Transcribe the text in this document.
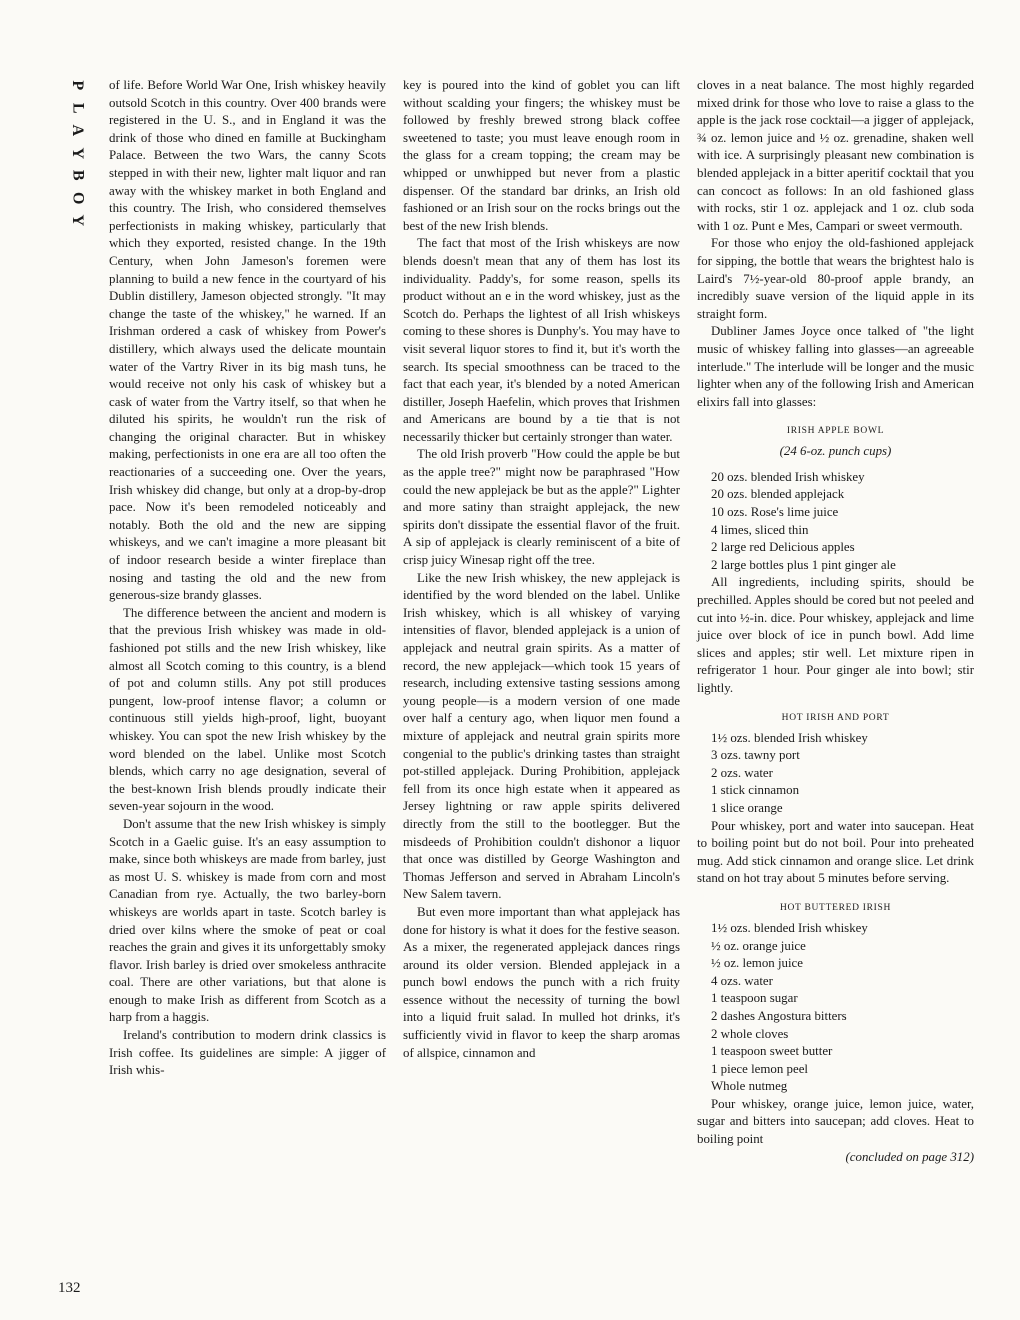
P
L
A
Y
B
O
Y
132

of life. Before World War One, Irish whiskey heavily outsold Scotch in this country. Over 400 brands were registered in the U. S., and in England it was the drink of those who dined en famille at Buckingham Palace. Between the two Wars, the canny Scots stepped in with their new, lighter malt liquor and ran away with the whiskey market in both England and this country. The Irish, who considered themselves perfectionists in making whiskey, particularly that which they exported, resisted change. In the 19th Century, when John Jameson's foremen were planning to build a new fence in the courtyard of his Dublin distillery, Jameson objected strongly. "It may change the taste of the whiskey," he warned. If an Irishman ordered a cask of whiskey from Power's distillery, which always used the delicate mountain water of the Vartry River in its big mash tuns, he would receive not only his cask of whiskey but a cask of water from the Vartry itself, so that when he diluted his spirits, he wouldn't run the risk of changing the original character. But in whiskey making, perfectionists in one era are all too often the reactionaries of a succeeding one. Over the years, Irish whiskey did change, but only at a drop-by-drop pace. Now it's been remodeled noticeably and notably. Both the old and the new are sipping whiskeys, and we can't imagine a more pleasant bit of indoor research beside a winter fireplace than nosing and tasting the old and the new from generous-size brandy glasses.

The difference between the ancient and modern is that the previous Irish whiskey was made in old-fashioned pot stills and the new Irish whiskey, like almost all Scotch coming to this country, is a blend of pot and column stills. Any pot still produces pungent, low-proof intense flavor; a column or continuous still yields high-proof, light, buoyant whiskey. You can spot the new Irish whiskey by the word blended on the label. Unlike most Scotch blends, which carry no age designation, several of the best-known Irish blends proudly indicate their seven-year sojourn in the wood.

Don't assume that the new Irish whiskey is simply Scotch in a Gaelic guise. It's an easy assumption to make, since both whiskeys are made from barley, just as most U. S. whiskey is made from corn and most Canadian from rye. Actually, the two barley-born whiskeys are worlds apart in taste. Scotch barley is dried over kilns where the smoke of peat or coal reaches the grain and gives it its unforgettably smoky flavor. Irish barley is dried over smokeless anthracite coal. There are other variations, but that alone is enough to make Irish as different from Scotch as a harp from a haggis.

Ireland's contribution to modern drink classics is Irish coffee. Its guidelines are simple: A jigger of Irish whis-

key is poured into the kind of goblet you can lift without scalding your fingers; the whiskey must be followed by freshly brewed strong black coffee sweetened to taste; you must leave enough room in the glass for a cream topping; the cream may be whipped or unwhipped but never from a plastic dispenser. Of the standard bar drinks, an Irish old fashioned or an Irish sour on the rocks brings out the best of the new Irish blends.

The fact that most of the Irish whiskeys are now blends doesn't mean that any of them has lost its individuality. Paddy's, for some reason, spells its product without an e in the word whiskey, just as the Scotch do. Perhaps the lightest of all Irish whiskeys coming to these shores is Dunphy's. You may have to visit several liquor stores to find it, but it's worth the search. Its special smoothness can be traced to the fact that each year, it's blended by a noted American distiller, Joseph Haefelin, which proves that Irishmen and Americans are bound by a tie that is not necessarily thicker but certainly stronger than water.

The old Irish proverb "How could the apple be but as the apple tree?" might now be paraphrased "How could the new applejack be but as the apple?" Lighter and more satiny than straight applejack, the new spirits don't dissipate the essential flavor of the fruit. A sip of applejack is clearly reminiscent of a bite of crisp juicy Winesap right off the tree.

Like the new Irish whiskey, the new applejack is identified by the word blended on the label. Unlike Irish whiskey, which is all whiskey of varying intensities of flavor, blended applejack is a union of applejack and neutral grain spirits. As a matter of record, the new applejack—which took 15 years of research, including extensive tasting sessions among young people—is a modern version of one made over half a century ago, when liquor men found a mixture of applejack and neutral grain spirits more congenial to the public's drinking tastes than straight pot-stilled applejack. During Prohibition, applejack fell from its once high estate when it appeared as Jersey lightning or raw apple spirits delivered directly from the still to the bootlegger. But the misdeeds of Prohibition couldn't dishonor a liquor that once was distilled by George Washington and Thomas Jefferson and served in Abraham Lincoln's New Salem tavern.

But even more important than what applejack has done for history is what it does for the festive season. As a mixer, the regenerated applejack dances rings around its older version. Blended applejack in a punch bowl endows the punch with a rich fruity essence without the necessity of turning the bowl into a liquid fruit salad. In mulled hot drinks, it's sufficiently vivid in flavor to keep the sharp aromas of allspice, cinnamon and

cloves in a neat balance. The most highly regarded mixed drink for those who love to raise a glass to the apple is the jack rose cocktail—a jigger of applejack, ¾ oz. lemon juice and ½ oz. grenadine, shaken well with ice. A surprisingly pleasant new combination is blended applejack in a bitter aperitif cocktail that you can concoct as follows: In an old fashioned glass with rocks, stir 1 oz. applejack and 1 oz. club soda with 1 oz. Punt e Mes, Campari or sweet vermouth.

For those who enjoy the old-fashioned applejack for sipping, the bottle that wears the brightest halo is Laird's 7½-year-old 80-proof apple brandy, an incredibly suave version of the liquid apple in its straight form.

Dubliner James Joyce once talked of "the light music of whiskey falling into glasses—an agreeable interlude." The interlude will be longer and the music lighter when any of the following Irish and American elixirs fall into glasses:

IRISH APPLE BOWL
(24 6-oz. punch cups)
20 ozs. blended Irish whiskey
20 ozs. blended applejack
10 ozs. Rose's lime juice
4 limes, sliced thin
2 large red Delicious apples
2 large bottles plus 1 pint ginger ale

All ingredients, including spirits, should be prechilled. Apples should be cored but not peeled and cut into ½-in. dice. Pour whiskey, applejack and lime juice over block of ice in punch bowl. Add lime slices and apples; stir well. Let mixture ripen in refrigerator 1 hour. Pour ginger ale into bowl; stir lightly.

HOT IRISH AND PORT
1½ ozs. blended Irish whiskey
3 ozs. tawny port
2 ozs. water
1 stick cinnamon
1 slice orange

Pour whiskey, port and water into saucepan. Heat to boiling point but do not boil. Pour into preheated mug. Add stick cinnamon and orange slice. Let drink stand on hot tray about 5 minutes before serving.

HOT BUTTERED IRISH
1½ ozs. blended Irish whiskey
½ oz. orange juice
½ oz. lemon juice
4 ozs. water
1 teaspoon sugar
2 dashes Angostura bitters
2 whole cloves
1 teaspoon sweet butter
1 piece lemon peel
Whole nutmeg

Pour whiskey, orange juice, lemon juice, water, sugar and bitters into saucepan; add cloves. Heat to boiling point

(concluded on page 312)
